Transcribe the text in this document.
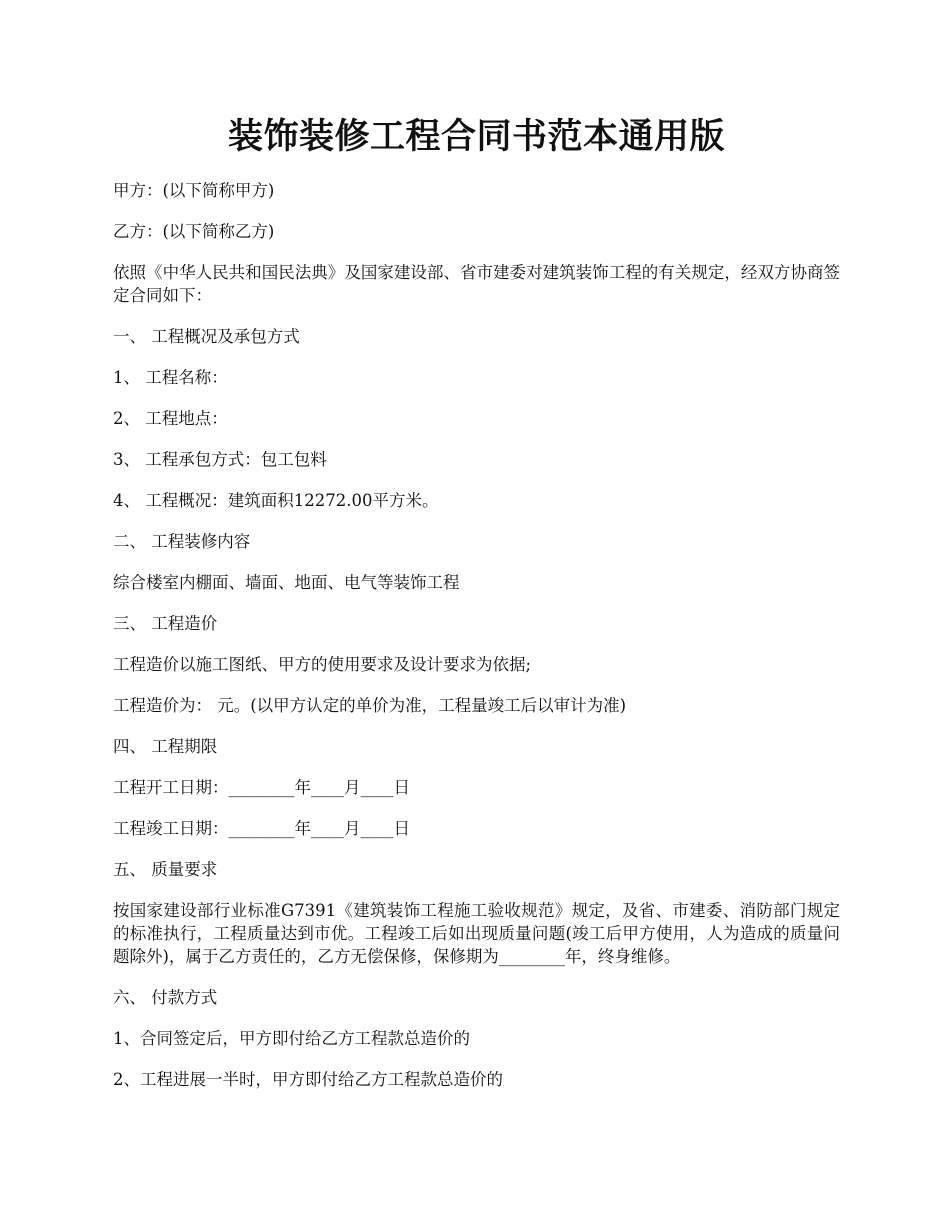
装饰装修工程合同书范本通用版

甲方：(以下简称甲方)

乙方：(以下简称乙方)

依照《中华人民共和国民法典》及国家建设部、省市建委对建筑装饰工程的有关规定，经双方协商签定合同如下：

一、 工程概况及承包方式

1、 工程名称：

2、 工程地点：

3、 工程承包方式：包工包料

4、 工程概况：建筑面积12272.00平方米。

二、 工程装修内容

综合楼室内棚面、墙面、地面、电气等装饰工程

三、 工程造价

工程造价以施工图纸、甲方的使用要求及设计要求为依据;

工程造价为： 元。(以甲方认定的单价为准，工程量竣工后以审计为准)

四、 工程期限

工程开工日期：________年____月____日

工程竣工日期：________年____月____日

五、 质量要求

按国家建设部行业标准G7391《建筑装饰工程施工验收规范》规定，及省、市建委、消防部门规定的标准执行，工程质量达到市优。工程竣工后如出现质量问题(竣工后甲方使用，人为造成的质量问题除外)，属于乙方责任的，乙方无偿保修，保修期为________年，终身维修。

六、 付款方式

1、合同签定后，甲方即付给乙方工程款总造价的

2、工程进展一半时，甲方即付给乙方工程款总造价的
